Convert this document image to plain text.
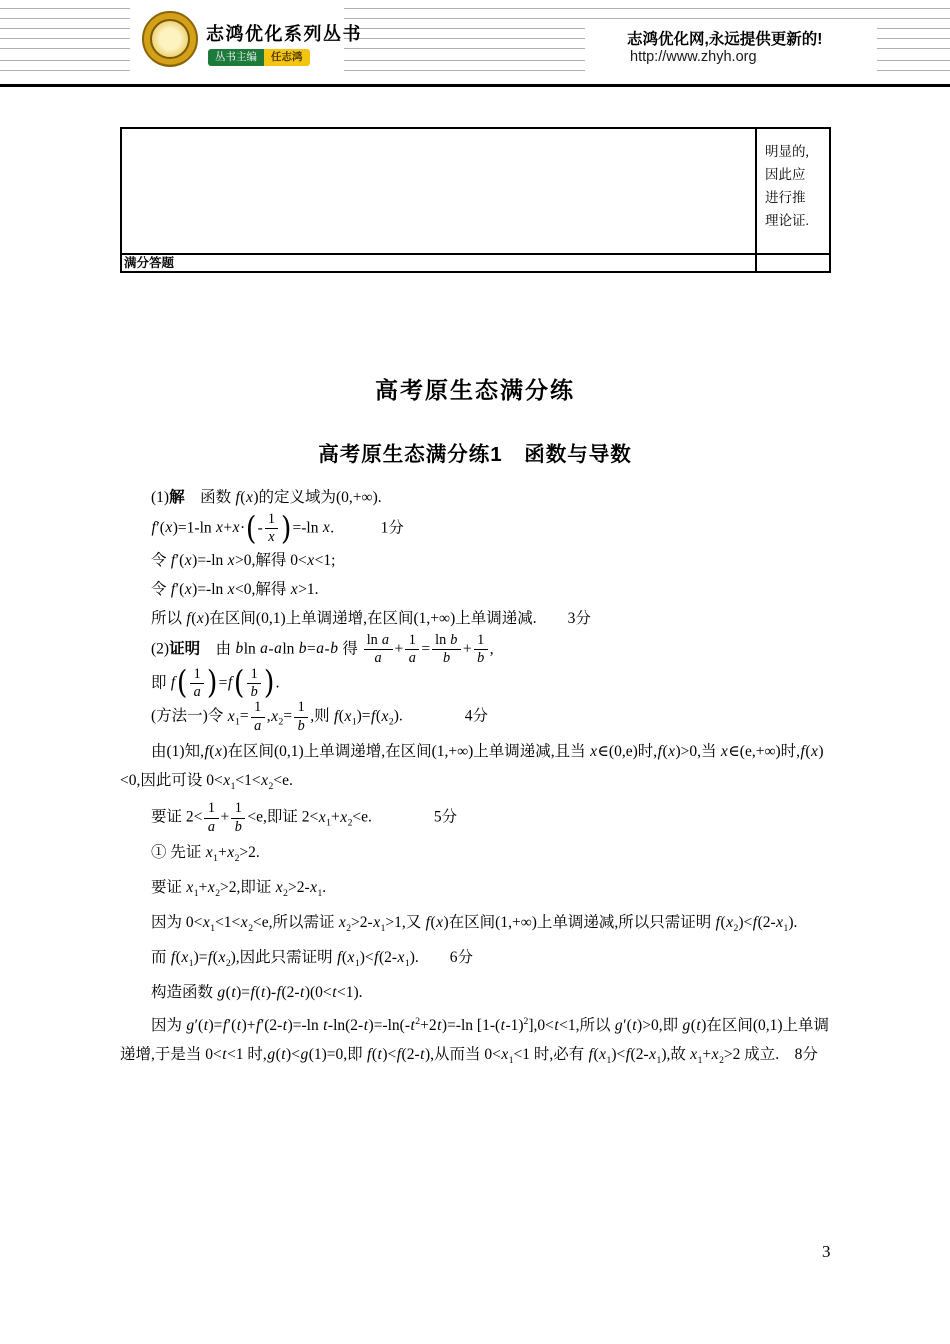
志鸿优化系列丛书
丛书主编	任志鸿
志鸿优化网,永远提供更新的!
http://www.zhyh.org
明显的,
因此应
进行推
理论证.
满分答题
高考原生态满分练
高考原生态满分练1　函数与导数
(1)解　函数 f(x)的定义域为(0,+∞).
f′(x)=1-ln x+x· ( - $\frac{1}{x}$ ) =-ln x.　　　1分
令 f′(x)=-ln x>0,解得 0<x<1;
令 f′(x)=-ln x<0,解得 x>1.
所以 f(x)在区间(0,1)上单调递增,在区间(1,+∞)上单调递减.　　3分
(2)证明　由 bln a-aln b=a-b 得 $\frac{\text{ln a}}{a} + \frac{1}{a} = \frac{\text{ln b}}{b} + \frac{1}{b}$ ,
即 f ( $\frac{1}{a}$ ) =f ( $\frac{1}{b}$ ) .
(方法一)令 $x_1= \frac{1}{a} ,x_2= \frac{1}{b}$ ,则 $f(x_1)=f(x_2)$.　　　　4分
由(1)知,f(x)在区间(0,1)上单调递增,在区间(1,+∞)上单调递减,且当 x∈(0,e)时,f(x)>0,当 x∈(e,+∞)时,f(x)<0,因此可设 $0<x_1<1<x_2<e$.
要证 $2< \frac{1}{a} + \frac{1}{b} <e$,即证 $2<x_1+x_2<e$.　　　　5分
① 先证 $x_1+x_2>2$.
要证 $x_1+x_2>2$,即证 $x_2>2-x_1$.
因为 $0<x_1<1<x_2<e$,所以需证 $x_2>2-x_1>1$,又 f(x)在区间(1,+∞)上单调递减,所以只需证明 $f(x_2)<f(2-x_1)$.
而 $f(x_1)=f(x_2)$,因此只需证明 $f(x_1)<f(2-x_1)$.　　6分
构造函数 g(t)=f(t)-f(2-t)(0<t<1).
因为 g′(t)=f′(t)+f′(2-t)=-ln $t-\ln(2-t)=-\ln(-t^2+2t)=-\ln$ $[1-(t-1)^2],0<t<1$,所以 g′(t)>0,即 g(t)在区间(0,1)上单调递增,于是当 0<t<1 时,g(t)<g(1)=0,即 f(t)<f(2-t),从而当 $0<x_1<1$ 时,必有 $f(x_1)<f(2-x_1)$,故 $x_1+x_2>2$ 成立.　8分
3
